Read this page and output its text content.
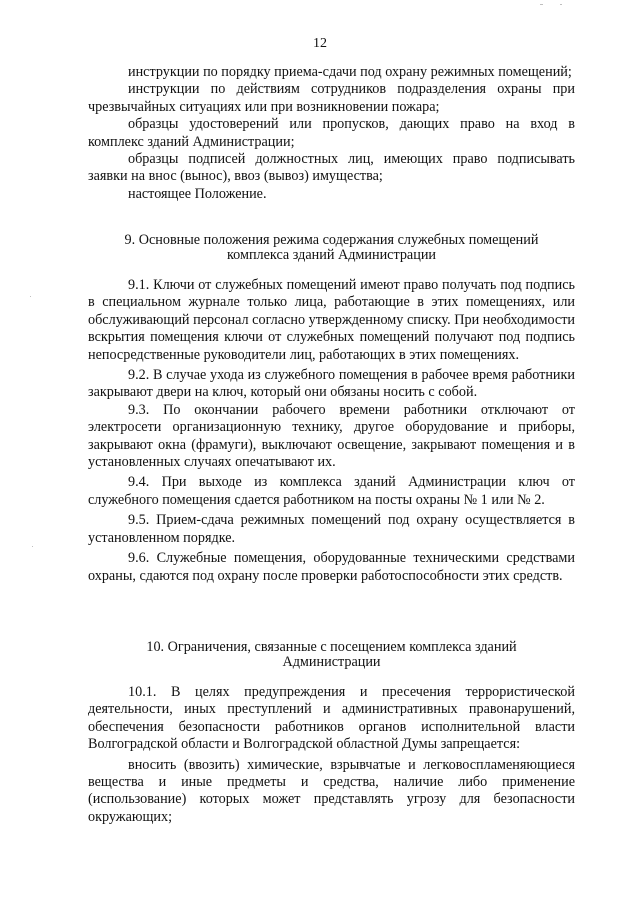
12

инструкции по порядку приема-сдачи под охрану режимных помещений;

инструкции по действиям сотрудников подразделения охраны при чрезвычайных ситуациях или при возникновении пожара;

образцы удостоверений или пропусков, дающих право на вход в комплекс зданий Администрации;

образцы подписей должностных лиц, имеющих право подписывать заявки на внос (вынос), ввоз (вывоз) имущества;

настоящее Положение.

9. Основные положения режима содержания служебных помещений

комплекса зданий Администрации

9.1. Ключи от служебных помещений имеют право получать под подпись в специальном журнале только лица, работающие в этих помещениях, или обслуживающий персонал согласно утвержденному списку. При необходимости вскрытия помещения ключи от служебных помещений получают под подпись непосредственные руководители лиц, работающих в этих помещениях.

9.2. В случае ухода из служебного помещения в рабочее время работники закрывают двери на ключ, который они обязаны носить с собой.

9.3. По окончании рабочего времени работники отключают от электросети организационную технику, другое оборудование и приборы, закрывают окна (фрамуги), выключают освещение, закрывают помещения и в установленных случаях опечатывают их.

9.4. При выходе из комплекса зданий Администрации ключ от служебного помещения сдается работником на посты охраны № 1 или № 2.

9.5. Прием-сдача режимных помещений под охрану осуществляется в установленном порядке.

9.6. Служебные помещения, оборудованные техническими средствами охраны, сдаются под охрану после проверки работоспособности этих средств.

10. Ограничения, связанные с посещением комплекса зданий

Администрации

10.1. В целях предупреждения и пресечения террористической деятельности, иных преступлений и административных правонарушений, обеспечения безопасности работников органов исполнительной власти Волгоградской области и Волгоградской областной Думы запрещается:

вносить (ввозить) химические, взрывчатые и легковоспламеняющиеся вещества и иные предметы и средства, наличие либо применение (использование) которых может представлять угрозу для безопасности окружающих;
